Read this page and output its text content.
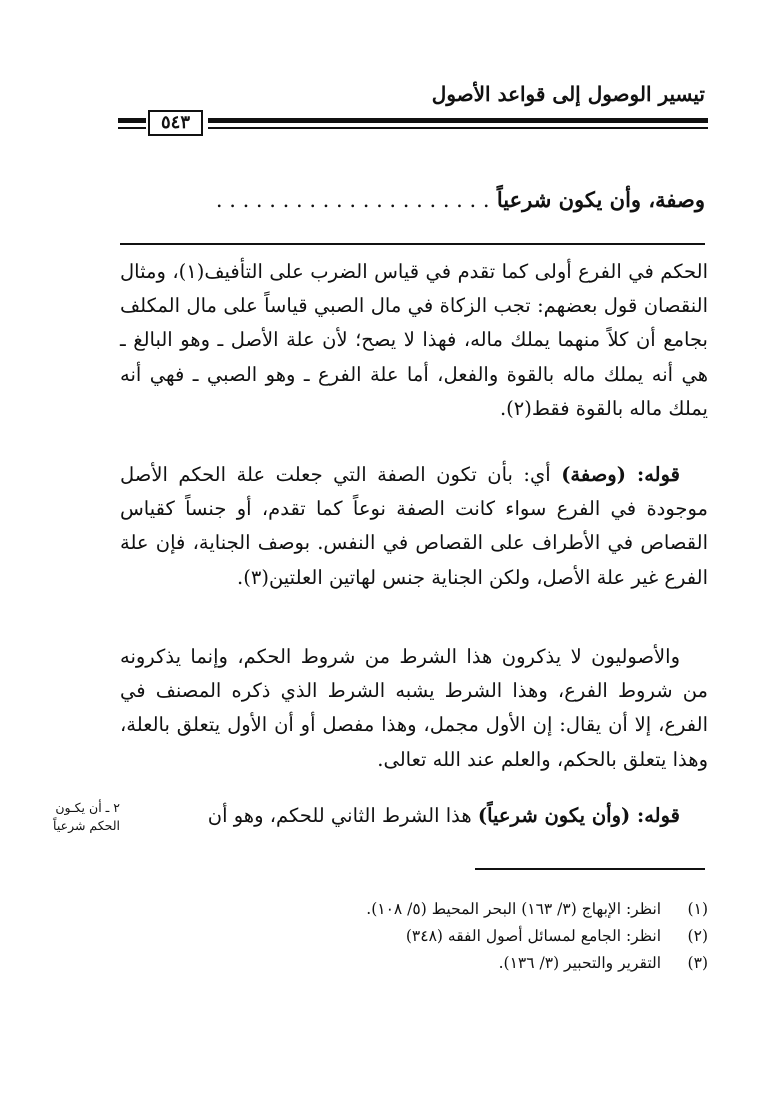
تيسير الوصول إلى قواعد الأصول
٥٤٣
وصفة، وأن يكون شرعياً . . . . . . . . . . . . . . . . . . . . .

الحكم في الفرع أولى كما تقدم في قياس الضرب على التأفيف(١)، ومثال النقصان قول بعضهم: تجب الزكاة في مال الصبي قياساً على مال المكلف بجامع أن كلاً منهما يملك ماله، فهذا لا يصح؛ لأن علة الأصل ـ وهو البالغ ـ هي أنه يملك ماله بالقوة والفعل، أما علة الفرع ـ وهو الصبي ـ فهي أنه يملك ماله بالقوة فقط(٢).

قوله: (وصفة) أي: بأن تكون الصفة التي جعلت علة الحكم الأصل موجودة في الفرع سواء كانت الصفة نوعاً كما تقدم، أو جنساً كقياس القصاص في الأطراف على القصاص في النفس. بوصف الجناية، فإن علة الفرع غير علة الأصل، ولكن الجناية جنس لهاتين العلتين(٣).

والأصوليون لا يذكرون هذا الشرط من شروط الحكم، وإنما يذكرونه من شروط الفرع، وهذا الشرط يشبه الشرط الذي ذكره المصنف في الفرع، إلا أن يقال: إن الأول مجمل، وهذا مفصل أو أن الأول يتعلق بالعلة، وهذا يتعلق بالحكم، والعلم عند الله تعالى.

قوله: (وأن يكون شرعياً) هذا الشرط الثاني للحكم، وهو أن

٢ ـ أن يكـون الحكم شرعياً
(١) انظر: الإبهاج (٣/ ١٦٣) البحر المحيط (٥/ ١٠٨).
(٢) انظر: الجامع لمسائل أصول الفقه (٣٤٨)
(٣) التقرير والتحبير (٣/ ١٣٦).
